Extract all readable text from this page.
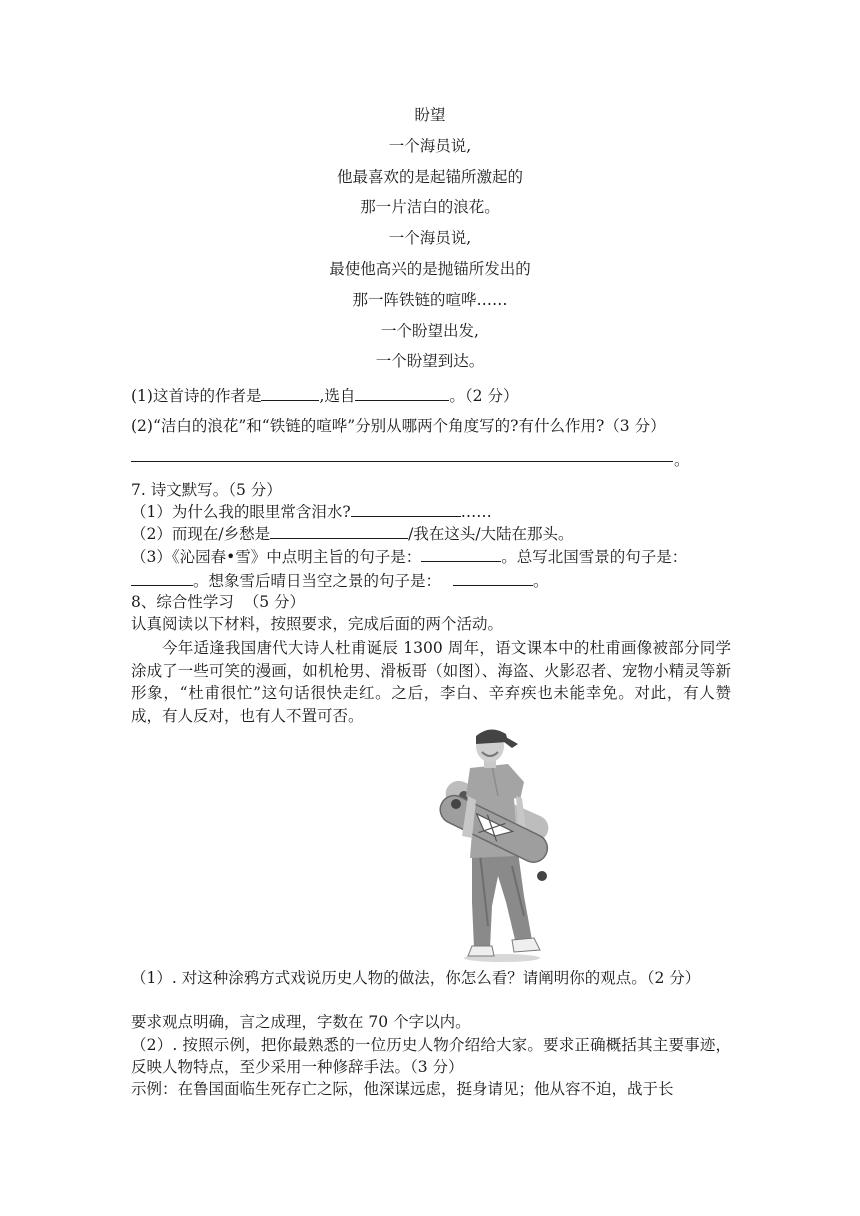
盼望
一个海员说,
他最喜欢的是起锚所激起的
那一片洁白的浪花。
一个海员说,
最使他高兴的是抛锚所发出的
那一阵铁链的喧哗……
一个盼望出发,
一个盼望到达。
(1)这首诗的作者是	,选自	。（2 分）
(2)“洁白的浪花”和“铁链的喧哗”分别从哪两个角度写的?有什么作用?（3 分）
。
7. 诗文默写。（5 分）
（1）为什么我的眼里常含泪水?	……
（2）而现在/乡愁是	/我在这头/大陆在那头。
（3）《沁园春•雪》中点明主旨的句子是：	。总写北国雪景的句子是：
。想象雪后晴日当空之景的句子是：	。
8、综合性学习  （5 分）
认真阅读以下材料，按照要求，完成后面的两个活动。
今年适逢我国唐代大诗人杜甫诞辰 1300 周年，语文课本中的杜甫画像被部分同学涂成了一些可笑的漫画，如机枪男、滑板哥（如图）、海盗、火影忍者、宠物小精灵等新形象，“杜甫很忙”这句话很快走红。之后，李白、辛弃疾也未能幸免。对此，有人赞成，有人反对，也有人不置可否。
（1）. 对这种涂鸦方式戏说历史人物的做法，你怎么看？请阐明你的观点。（2 分）
要求观点明确，言之成理，字数在 70 个字以内。
（2）. 按照示例，把你最熟悉的一位历史人物介绍给大家。要求正确概括其主要事迹，反映人物特点，至少采用一种修辞手法。（3 分）
示例：在鲁国面临生死存亡之际，他深谋远虑，挺身请见；他从容不迫，战于长
